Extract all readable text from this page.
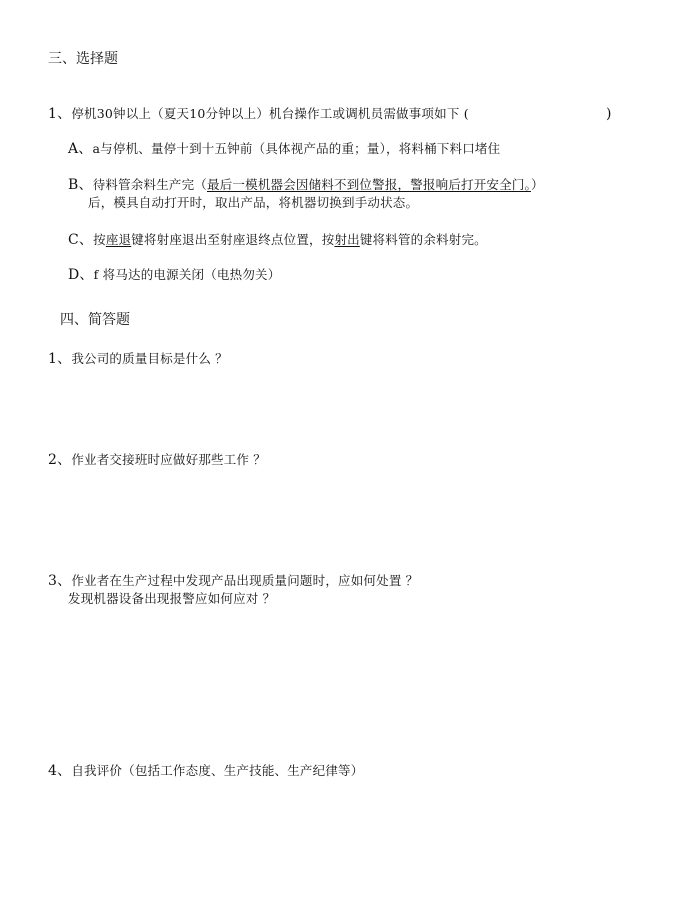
三、选择题
1、停机30钟以上（夏天10分钟以上）机台操作工或调机员需做事项如下 (	)
A、a与停机、量停十到十五钟前（具体视产品的重；量），将料桶下料口堵住
B、待料管余料生产完（最后一模机器会因储料不到位警报，警报响后打开安全门。）
后，模具自动打开时，取出产品，将机器切换到手动状态。
C、按座退键将射座退出至射座退终点位置，按射出键将料管的余料射完。
D、f 将马达的电源关闭（电热勿关）
四、简答题
1、我公司的质量目标是什么 ？
2、作业者交接班时应做好那些工作 ？
3、作业者在生产过程中发现产品出现质量问题时，应如何处置 ？
发现机器设备出现报警应如何应对 ？
4、自我评价（包括工作态度、生产技能、生产纪律等）
